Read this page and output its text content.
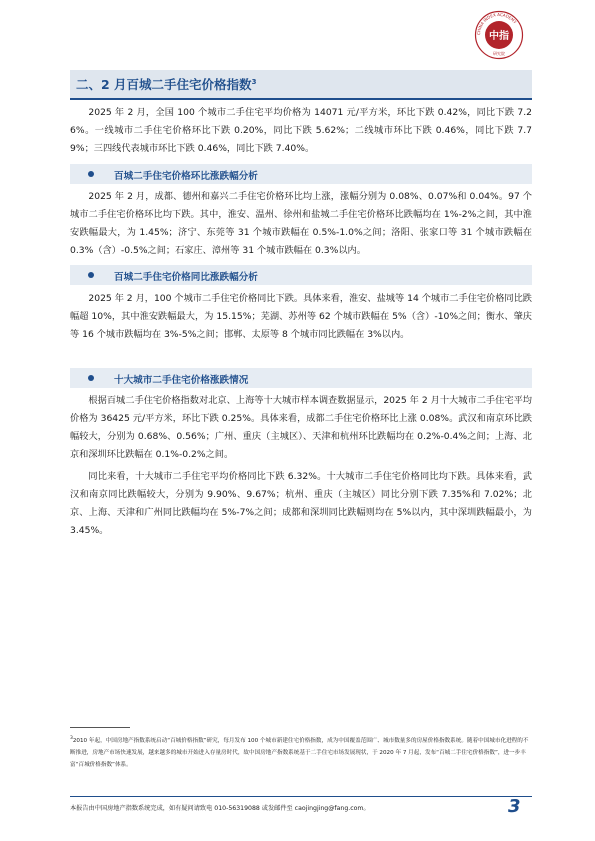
中指
CHINA INDEX ACADEMY
研究院
二、2 月百城二手住宅价格指数$^3$

2025 年 2 月，全国 100 个城市二手住宅平均价格为 14071 元/平方米，环比下跌 0.42%，同比下跌 7.26%。一线城市二手住宅价格环比下跌 0.20%，同比下跌 5.62%；二线城市环比下跌 0.46%，同比下跌 7.79%；三四线代表城市环比下跌 0.46%，同比下跌 7.40%。

百城二手住宅价格环比涨跌幅分析

2025 年 2 月，成都、德州和嘉兴二手住宅价格环比均上涨，涨幅分别为 0.08%、0.07%和 0.04%。97 个城市二手住宅价格环比均下跌。其中，淮安、温州、徐州和盐城二手住宅价格环比跌幅均在 1%-2%之间，其中淮安跌幅最大，为 1.45%；济宁、东莞等 31 个城市跌幅在 0.5%-1.0%之间；洛阳、张家口等 31 个城市跌幅在 0.3%（含）-0.5%之间；石家庄、漳州等 31 个城市跌幅在 0.3%以内。

百城二手住宅价格同比涨跌幅分析

2025 年 2 月，100 个城市二手住宅价格同比下跌。具体来看，淮安、盐城等 14 个城市二手住宅价格同比跌幅超 10%，其中淮安跌幅最大，为 15.15%；芜湖、苏州等 62 个城市跌幅在 5%（含）-10%之间；衡水、肇庆等 16 个城市跌幅均在 3%-5%之间；邯郸、太原等 8 个城市同比跌幅在 3%以内。

十大城市二手住宅价格涨跌情况

根据百城二手住宅价格指数对北京、上海等十大城市样本调查数据显示，2025 年 2 月十大城市二手住宅平均价格为 36425 元/平方米，环比下跌 0.25%。具体来看，成都二手住宅价格环比上涨 0.08%。武汉和南京环比跌幅较大，分别为 0.68%、0.56%；广州、重庆（主城区）、天津和杭州环比跌幅均在 0.2%-0.4%之间；上海、北京和深圳环比跌幅在 0.1%-0.2%之间。

同比来看，十大城市二手住宅平均价格同比下跌 6.32%。十大城市二手住宅价格同比均下跌。具体来看，武汉和南京同比跌幅较大，分别为 9.90%、9.67%；杭州、重庆（主城区）同比分别下跌 7.35%和 7.02%；北京、上海、天津和广州同比跌幅均在 5%-7%之间；成都和深圳同比跌幅则均在 5%以内，其中深圳跌幅最小，为 3.45%。

$^3$2010 年起，中国房地产指数系统启动“百城价格指数”研究，每月发布 100 个城市新建住宅价格指数，成为中国覆盖范围广、城市数量多的房屋价格指数系统。随着中国城市化进程的不断推进，房地产市场快速发展，越来越多的城市开始进入存量房时代，故中国房地产指数系统基于二手住宅市场发展现状，于 2020 年 7 月起，发布“百城二手住宅价格指数”，进一步丰富“百城价格指数”体系。

本报告由中国房地产指数系统完成，如有疑问请致电 010-56319088 或发邮件至 caojingjing@fang.com。	3
